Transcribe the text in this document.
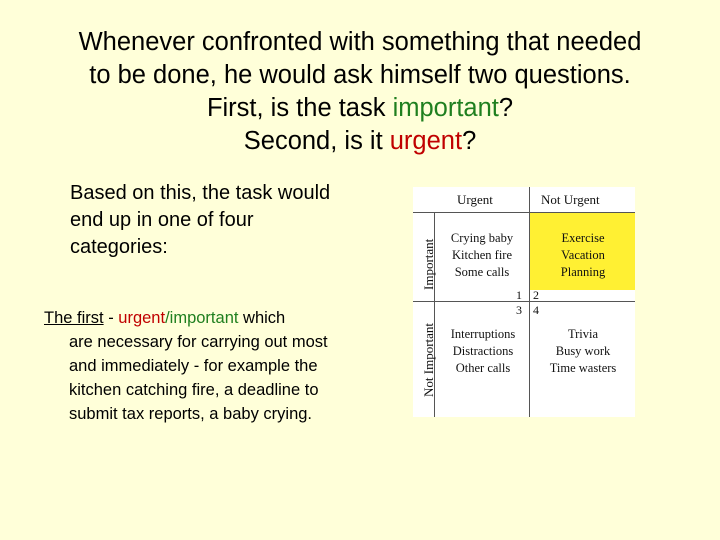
Whenever confronted with something that needed
to be done, he would ask himself two questions.
First, is the task important?
Second, is it urgent?
Based on this, the task would end up in one of four categories:
The first - urgent/important which
are necessary for carrying out most and immediately - for example the kitchen catching fire, a deadline to submit tax reports, a baby crying.
Urgent	Not Urgent
Important
Not Important
Crying baby
Kitchen fire
Some calls
Exercise
Vacation
Planning
Interruptions
Distractions
Other calls
Trivia
Busy work
Time wasters
1 2
3 4
